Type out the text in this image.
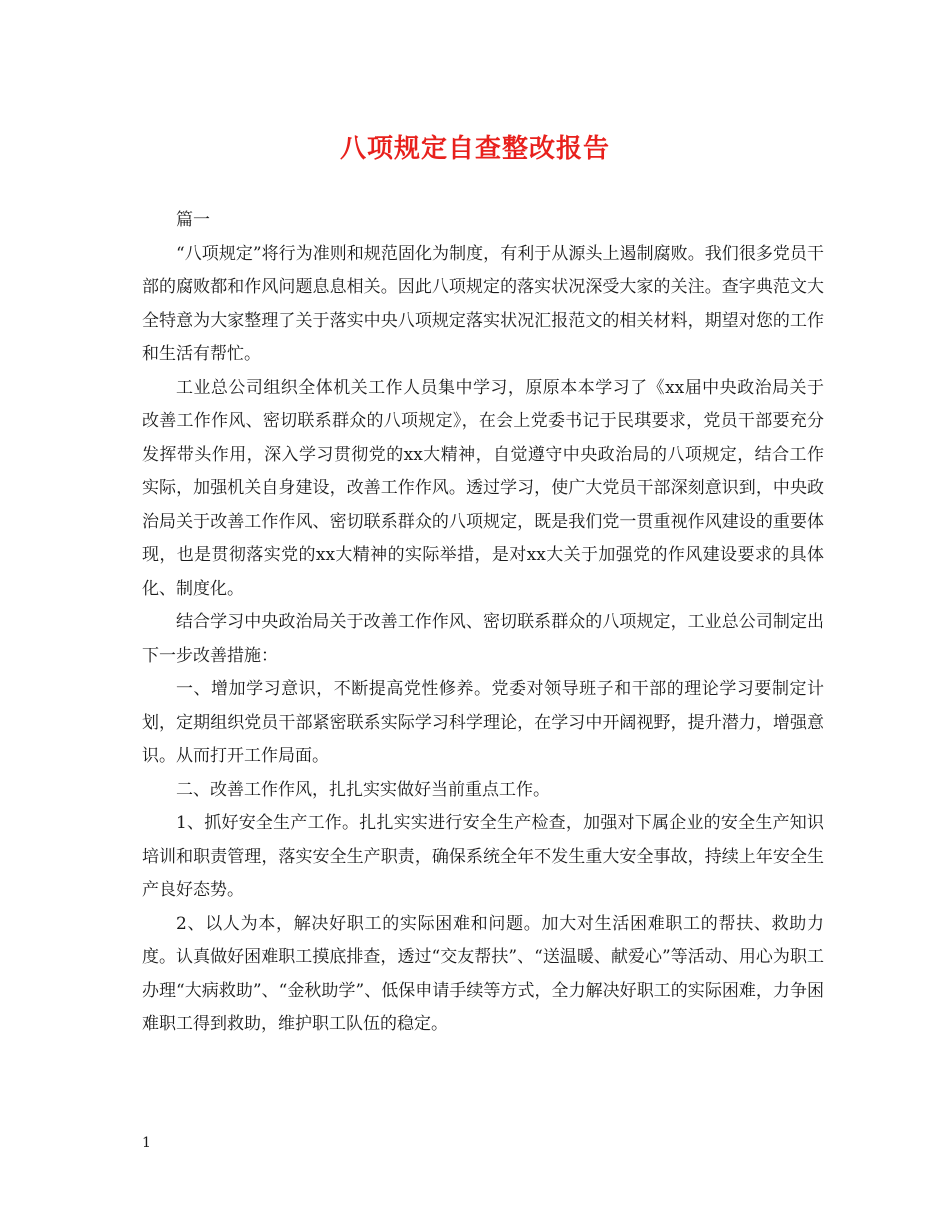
八项规定自查整改报告

篇一

“八项规定”将行为准则和规范固化为制度，有利于从源头上遏制腐败。我们很多党员干部的腐败都和作风问题息息相关。因此八项规定的落实状况深受大家的关注。查字典范文大全特意为大家整理了关于落实中央八项规定落实状况汇报范文的相关材料，期望对您的工作和生活有帮忙。

工业总公司组织全体机关工作人员集中学习，原原本本学习了《xx届中央政治局关于改善工作作风、密切联系群众的八项规定》，在会上党委书记于民琪要求，党员干部要充分发挥带头作用，深入学习贯彻党的xx大精神，自觉遵守中央政治局的八项规定，结合工作实际，加强机关自身建设，改善工作作风。透过学习，使广大党员干部深刻意识到，中央政治局关于改善工作作风、密切联系群众的八项规定，既是我们党一贯重视作风建设的重要体现，也是贯彻落实党的xx大精神的实际举措，是对xx大关于加强党的作风建设要求的具体化、制度化。

结合学习中央政治局关于改善工作作风、密切联系群众的八项规定，工业总公司制定出下一步改善措施：

一、增加学习意识，不断提高党性修养。党委对领导班子和干部的理论学习要制定计划，定期组织党员干部紧密联系实际学习科学理论，在学习中开阔视野，提升潜力，增强意识。从而打开工作局面。

二、改善工作作风，扎扎实实做好当前重点工作。

1、抓好安全生产工作。扎扎实实进行安全生产检查，加强对下属企业的安全生产知识培训和职责管理，落实安全生产职责，确保系统全年不发生重大安全事故，持续上年安全生产良好态势。

2、以人为本，解决好职工的实际困难和问题。加大对生活困难职工的帮扶、救助力度。认真做好困难职工摸底排查，透过“交友帮扶”、“送温暖、献爱心”等活动、用心为职工办理“大病救助”、“金秋助学”、低保申请手续等方式，全力解决好职工的实际困难，力争困难职工得到救助，维护职工队伍的稳定。

1
